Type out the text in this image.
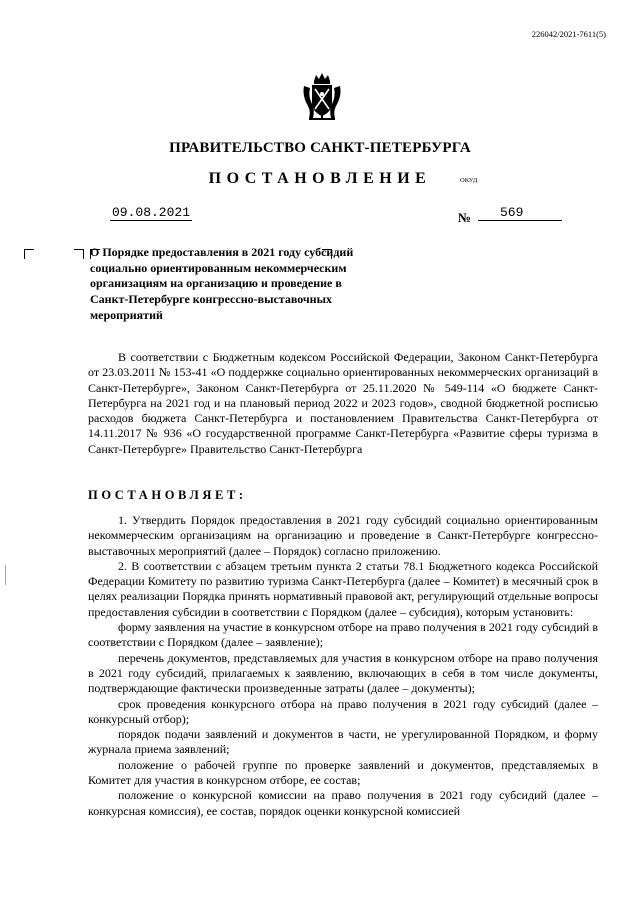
226042/2021-7611(5)
ПРАВИТЕЛЬСТВО САНКТ-ПЕТЕРБУРГА
ПОСТАНОВЛЕНИЕ	ОКУД
09.08.2021	№	569
О Порядке предоставления в 2021 году субсидий социально ориентированным некоммерческим организациям на организацию и проведение в Санкт-Петербурге конгрессно-выставочных мероприятий
В соответствии с Бюджетным кодексом Российской Федерации, Законом Санкт-Петербурга от 23.03.2011 № 153-41 «О поддержке социально ориентированных некоммерческих организаций в Санкт-Петербурге», Законом Санкт-Петербурга от 25.11.2020 № 549-114 «О бюджете Санкт-Петербурга на 2021 год и на плановый период 2022 и 2023 годов», сводной бюджетной росписью расходов бюджета Санкт-Петербурга и постановлением Правительства Санкт-Петербурга от 14.11.2017 № 936 «О государственной программе Санкт-Петербурга «Развитие сферы туризма в Санкт-Петербурге» Правительство Санкт-Петербурга
ПОСТАНОВЛЯЕТ:

1. Утвердить Порядок предоставления в 2021 году субсидий социально ориентированным некоммерческим организациям на организацию и проведение в Санкт-Петербурге конгрессно-выставочных мероприятий (далее – Порядок) согласно приложению.

2. В соответствии с абзацем третьим пункта 2 статьи 78.1 Бюджетного кодекса Российской Федерации Комитету по развитию туризма Санкт-Петербурга (далее – Комитет) в месячный срок в целях реализации Порядка принять нормативный правовой акт, регулирующий отдельные вопросы предоставления субсидии в соответствии с Порядком (далее – субсидия), которым установить:

форму заявления на участие в конкурсном отборе на право получения в 2021 году субсидий в соответствии с Порядком (далее – заявление);

перечень документов, представляемых для участия в конкурсном отборе на право получения в 2021 году субсидий, прилагаемых к заявлению, включающих в себя в том числе документы, подтверждающие фактически произведенные затраты (далее – документы);

срок проведения конкурсного отбора на право получения в 2021 году субсидий (далее – конкурсный отбор);

порядок подачи заявлений и документов в части, не урегулированной Порядком, и форму журнала приема заявлений;

положение о рабочей группе по проверке заявлений и документов, представляемых в Комитет для участия в конкурсном отборе, ее состав;

положение о конкурсной комиссии на право получения в 2021 году субсидий (далее – конкурсная комиссия), ее состав, порядок оценки конкурсной комиссией
